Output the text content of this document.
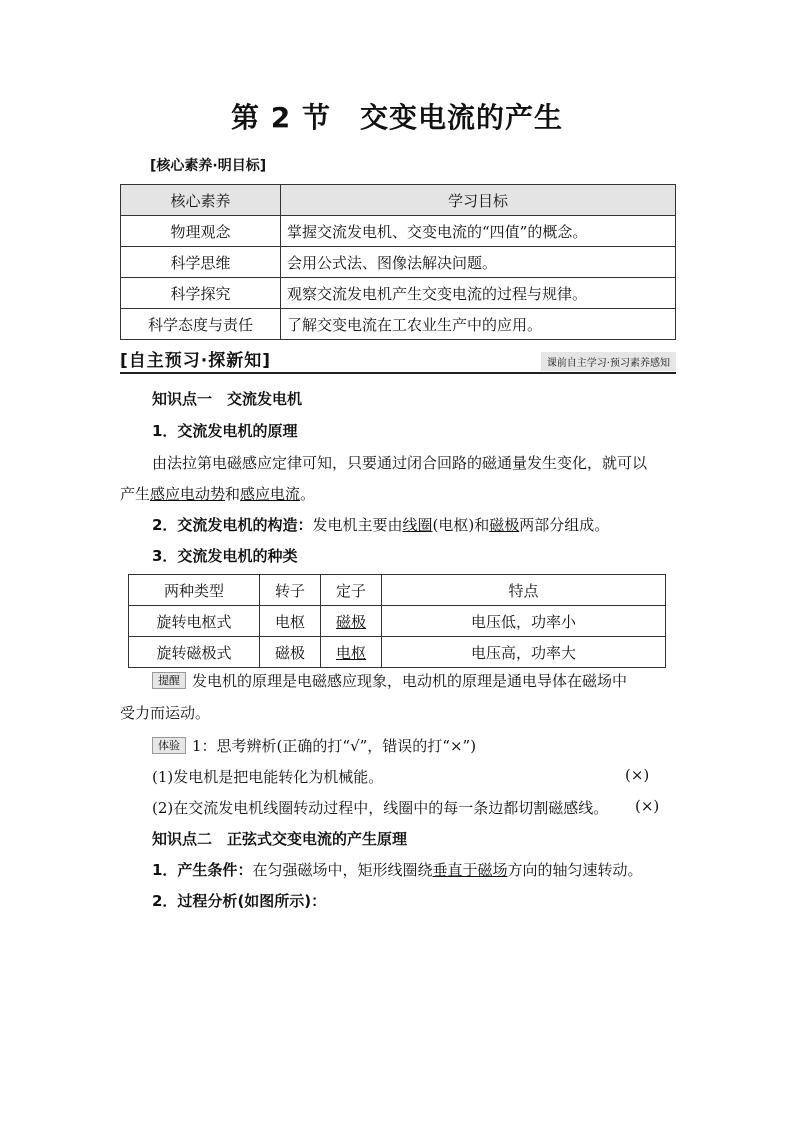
第 2 节　交变电流的产生
[核心素养·明目标]
核心素养	学习目标
物理观念	掌握交流发电机、交变电流的“四值”的概念。
科学思维	会用公式法、图像法解决问题。
科学探究	观察交流发电机产生交变电流的过程与规律。
科学态度与责任	了解交变电流在工农业生产中的应用。
[自主预习·探新知]	课前自主学习·预习素养感知
知识点一　交流发电机
1．交流发电机的原理
由法拉第电磁感应定律可知，只要通过闭合回路的磁通量发生变化，就可以
产生感应电动势和感应电流。
2．交流发电机的构造：发电机主要由线圈(电枢)和磁极两部分组成。
3．交流发电机的种类
两种类型	转子	定子	特点
旋转电枢式	电枢	磁极	电压低，功率小
旋转磁极式	磁极	电枢	电压高，功率大
提醒 发电机的原理是电磁感应现象，电动机的原理是通电导体在磁场中
受力而运动。
体验 1：思考辨析(正确的打“√”，错误的打“×”)
(1)发电机是把电能转化为机械能。	(×)
(2)在交流发电机线圈转动过程中，线圈中的每一条边都切割磁感线。 (×)
知识点二　正弦式交变电流的产生原理
1．产生条件：在匀强磁场中，矩形线圈绕垂直于磁场方向的轴匀速转动。
2．过程分析(如图所示)：
